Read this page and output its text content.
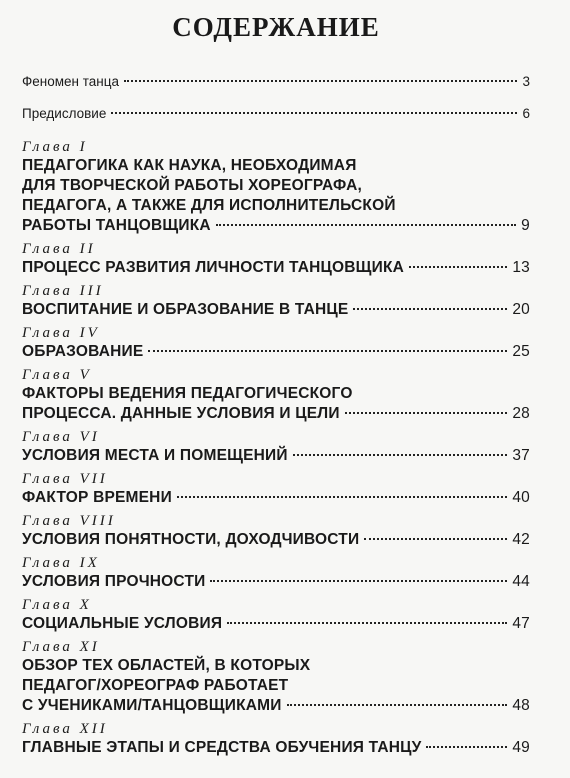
СОДЕРЖАНИЕ
Феномен танца	3
Предисловие	6
Глава I
ПЕДАГОГИКА КАК НАУКА, НЕОБХОДИМАЯ
ДЛЯ ТВОРЧЕСКОЙ РАБОТЫ ХОРЕОГРАФА,
ПЕДАГОГА, А ТАКЖЕ ДЛЯ ИСПОЛНИТЕЛЬСКОЙ
РАБОТЫ ТАНЦОВЩИКА	9
Глава II
ПРОЦЕСС РАЗВИТИЯ ЛИЧНОСТИ ТАНЦОВЩИКА	13
Глава III
ВОСПИТАНИЕ И ОБРАЗОВАНИЕ В ТАНЦЕ	20
Глава IV
ОБРАЗОВАНИЕ	25
Глава V
ФАКТОРЫ ВЕДЕНИЯ ПЕДАГОГИЧЕСКОГО
ПРОЦЕССА. ДАННЫЕ УСЛОВИЯ И ЦЕЛИ	28
Глава VI
УСЛОВИЯ МЕСТА И ПОМЕЩЕНИЙ	37
Глава VII
ФАКТОР ВРЕМЕНИ	40
Глава VIII
УСЛОВИЯ ПОНЯТНОСТИ, ДОХОДЧИВОСТИ	42
Глава IX
УСЛОВИЯ ПРОЧНОСТИ	44
Глава X
СОЦИАЛЬНЫЕ УСЛОВИЯ	47
Глава XI
ОБЗОР ТЕХ ОБЛАСТЕЙ, В КОТОРЫХ
ПЕДАГОГ/ХОРЕОГРАФ РАБОТАЕТ
С УЧЕНИКАМИ/ТАНЦОВЩИКАМИ	48
Глава XII
ГЛАВНЫЕ ЭТАПЫ И СРЕДСТВА ОБУЧЕНИЯ ТАНЦУ	49
